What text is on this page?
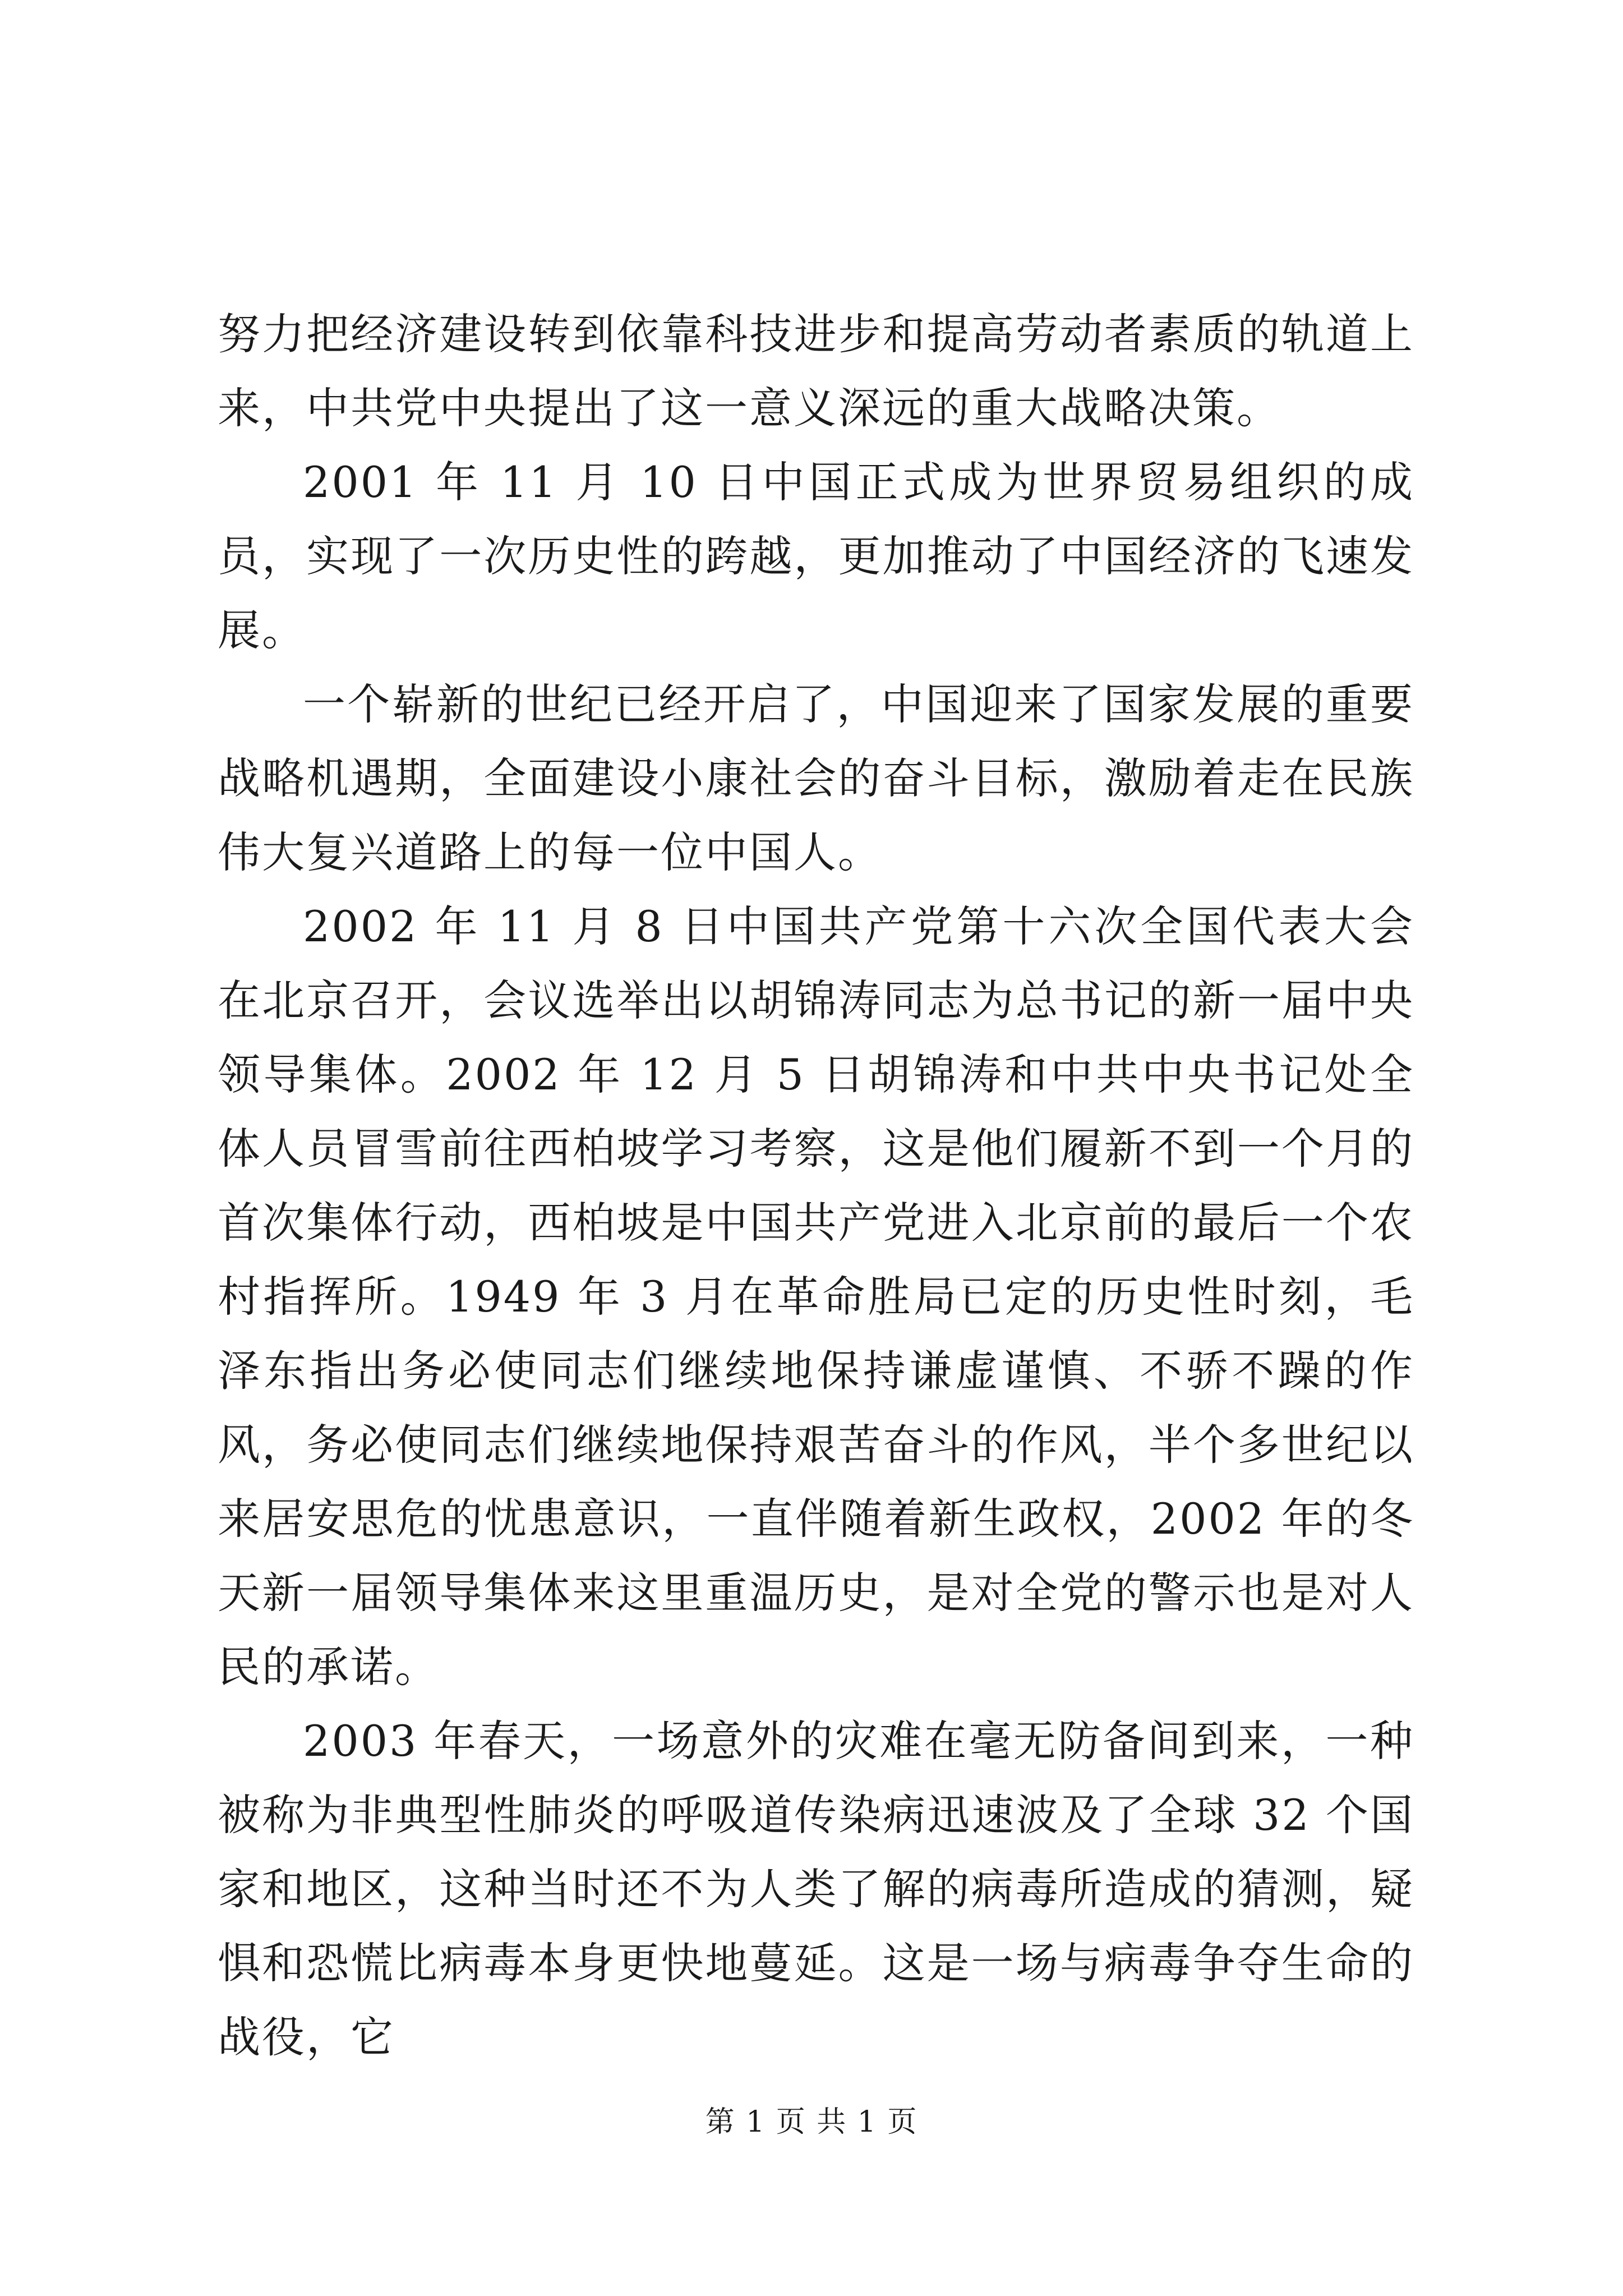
努力把经济建设转到依靠科技进步和提高劳动者素质的轨道上来，中共党中央提出了这一意义深远的重大战略决策。

2001 年 11 月 10 日中国正式成为世界贸易组织的成员，实现了一次历史性的跨越，更加推动了中国经济的飞速发展。

一个崭新的世纪已经开启了，中国迎来了国家发展的重要战略机遇期，全面建设小康社会的奋斗目标，激励着走在民族伟大复兴道路上的每一位中国人。

2002 年 11 月 8 日中国共产党第十六次全国代表大会在北京召开，会议选举出以胡锦涛同志为总书记的新一届中央领导集体。2002 年 12 月 5 日胡锦涛和中共中央书记处全体人员冒雪前往西柏坡学习考察，这是他们履新不到一个月的首次集体行动，西柏坡是中国共产党进入北京前的最后一个农村指挥所。1949 年 3 月在革命胜局已定的历史性时刻，毛泽东指出务必使同志们继续地保持谦虚谨慎、不骄不躁的作风，务必使同志们继续地保持艰苦奋斗的作风，半个多世纪以来居安思危的忧患意识，一直伴随着新生政权，2002 年的冬天新一届领导集体来这里重温历史，是对全党的警示也是对人民的承诺。

2003 年春天，一场意外的灾难在毫无防备间到来，一种被称为非典型性肺炎的呼吸道传染病迅速波及了全球 32 个国家和地区，这种当时还不为人类了解的病毒所造成的猜测，疑惧和恐慌比病毒本身更快地蔓延。这是一场与病毒争夺生命的战役，它

第 1 页 共 1 页
